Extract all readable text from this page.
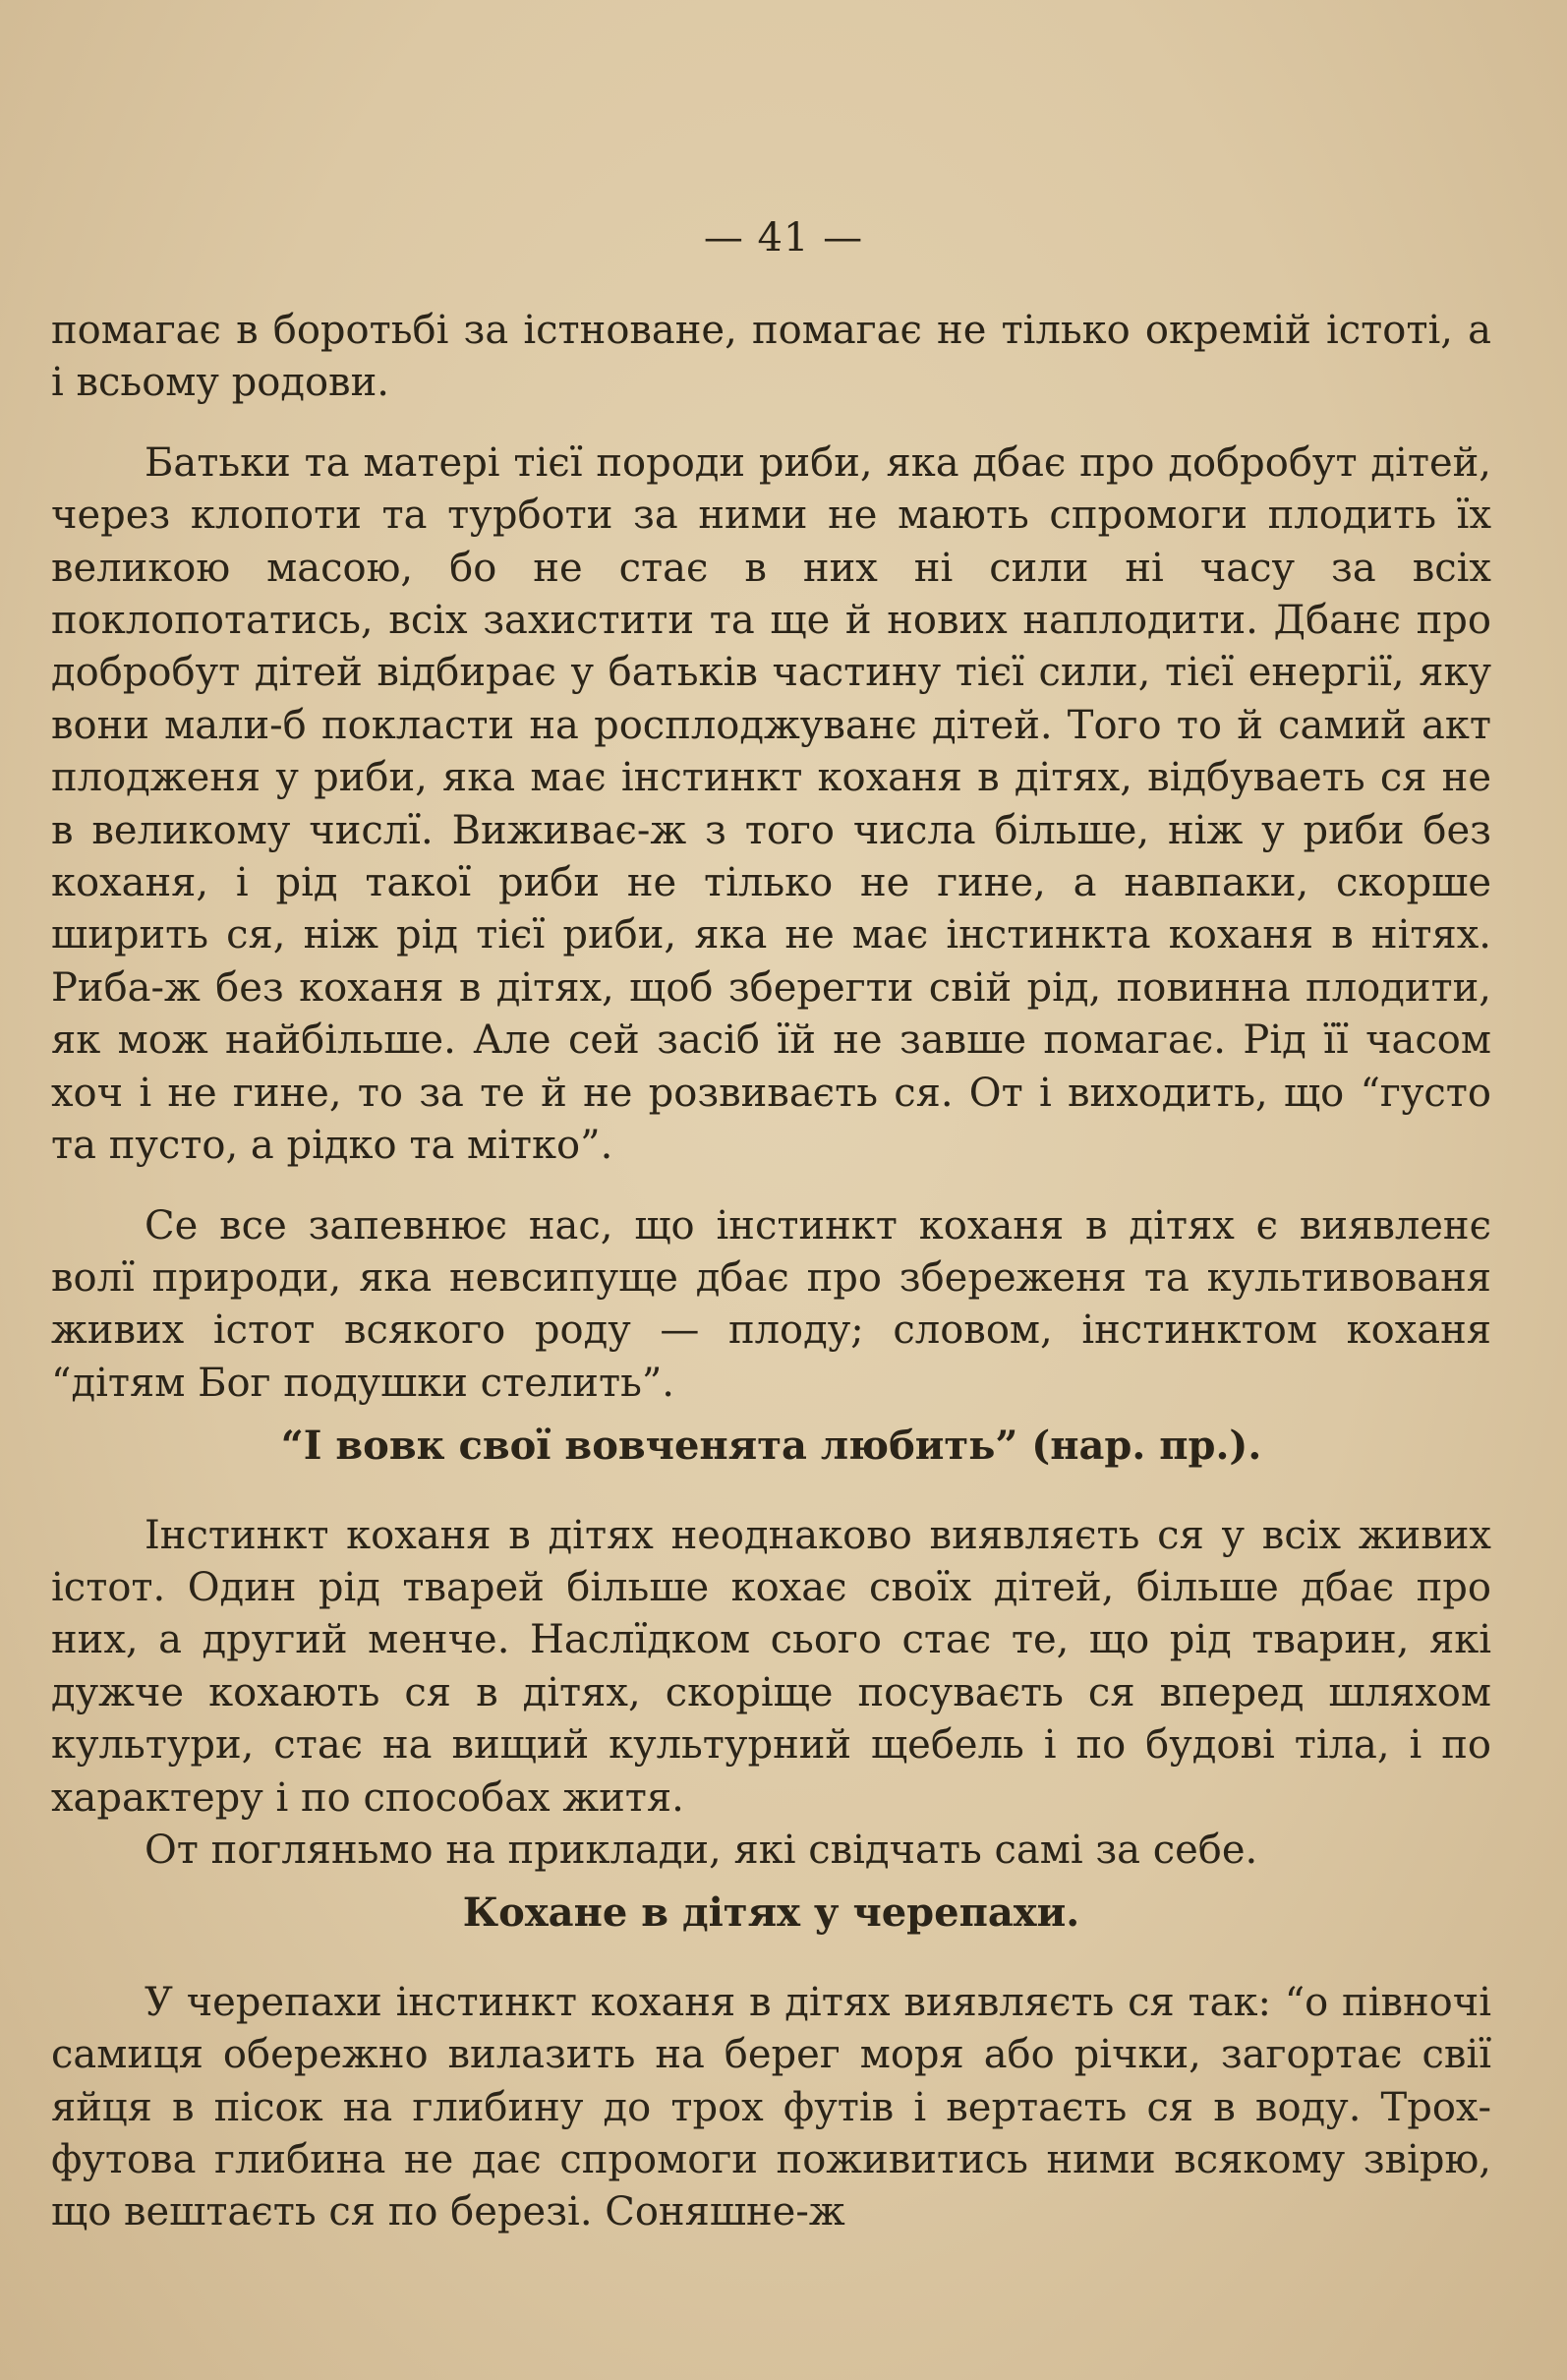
— 41 —

помагає в боротьбі за істноване, помагає не тілько окремій істоті, а і всьому родови.

Батьки та матері тієї породи риби, яка дбає про добробут дітей, через клопоти та турботи за ними не мають спромоги плодить їх великою масою, бо не стає в них ні сили ні часу за всіх поклопотатись, всіх захистити та ще й нових наплодити. Дбанє про добробут дітей відбирає у батьків частину тієї сили, тієї енергії, яку вони мали-б покласти на росплоджуванє дітей. Того то й самий акт плодженя у риби, яка має інстинкт коханя в дітях, відбуваеть ся не в великому числї. Виживає-ж з того числа більше, ніж у риби без коханя, і рід такої риби не тілько не гине, а навпаки, скорше ширить ся, ніж рід тієї риби, яка не має інстинкта коханя в нітях. Риба-ж без коханя в дітях, щоб зберегти свій рід, повинна плодити, як мож найбільше. Але сей засіб їй не завше помагає. Рід її часом хоч і не гине, то за те й не розвиваєть ся. От і виходить, що “густо та пусто, а рідко та мітко”.

Се все запевнює нас, що інстинкт коханя в дітях є виявленє волї природи, яка невсипуще дбає про збереженя та культивованя живих істот всякого роду — плоду; словом, інстинктом коханя “дітям Бог подушки стелить”.

“І вовк свої вовченята любить” (нар. пр.).

Інстинкт коханя в дітях неоднаково виявляєть ся у всіх живих істот. Один рід тварей більше кохає своїх дітей, більше дбає про них, а другий менче. Наслїдком сього стає те, що рід тварин, які дужче кохають ся в дітях, скоріще посуваєть ся вперед шляхом культури, стає на вищий культурний щебель і по будові тіла, і по характеру і по способах житя.

От погляньмо на приклади, які свідчать самі за себе.

Кохане в дітях у черепахи.

У черепахи інстинкт коханя в дітях виявляєть ся так: “о півночі самиця обережно вилазить на берег моря або річки, загортає свії яйця в пісок на глибину до трох футів і вертаєть ся в воду. Трох-футова глибина не дає спромоги поживитись ними всякому звірю, що вештаєть ся по березі. Соняшне-ж
